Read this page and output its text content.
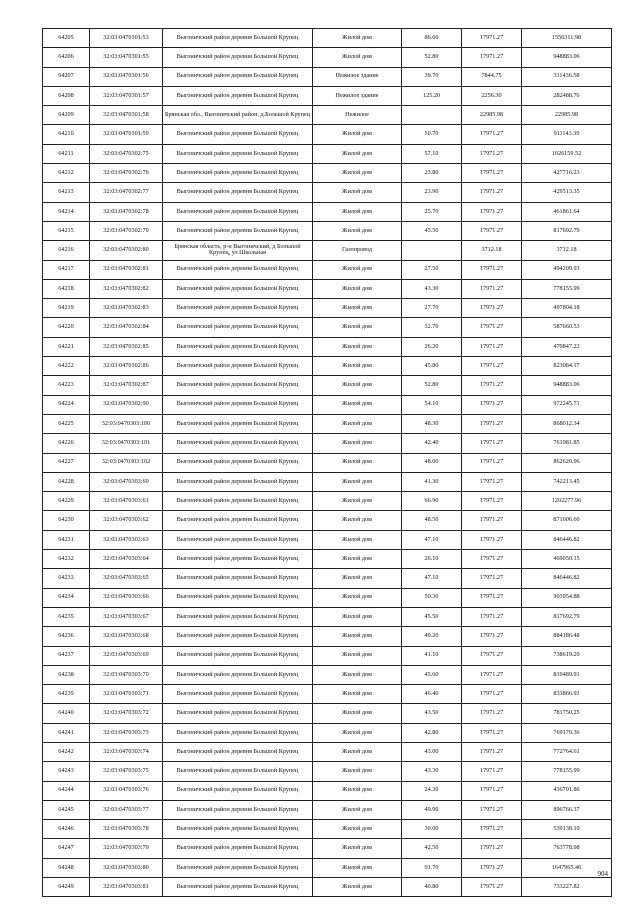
64205	32:03:0470301:53	Выгоничский район деревня Большой Крупец	Жилой дом	86.60	17971.27	1556311.98
64206	32:03:0470301:55	Выгоничский район деревня Большой Крупец	Жилой дом	52.80	17971.27	948883.06
64207	32:03:0470301:56	Выгоничский район деревня Большой Крупец	Нежилое здание	39.70	7844.75	311436.58
64208	32:03:0470301:57	Выгоничский район деревня Большой Крупец	Нежилое здание	125.20	2256.30	282488.76
64209	32:03:0470301:58	Брянская обл., Выгоничский район, д.Большой Крупец	Нежилое		22985.98	22985.98
64210	32:03:0470301:59	Выгоничский район деревня Большой Крупец	Жилой дом	50.70	17971.27	911143.39
64211	32:03:0470302:75	Выгоничский район деревня Большой Крупец	Жилой дом	57.10	17971.27	1026159.52
64212	32:03:0470302:76	Выгоничский район деревня Большой Крупец	Жилой дом	23.80	17971.27	427716.23
64213	32:03:0470302:77	Выгоничский район деревня Большой Крупец	Жилой дом	23.90	17971.27	429513.35
64214	32:03:0470302:78	Выгоничский район деревня Большой Крупец	Жилой дом	25.70	17971.27	461861.64
64215	32:03:0470302:79	Выгоничский район деревня Большой Крупец	Жилой дом	45.50	17971.27	817692.79
64216	32:03:0470302:80	Брянская область, р-н Выгоничский, д Большой Крупец, ул Школьная	Газопровод		3712.18	3712.18
64217	32:03:0470302:81	Выгоничский район деревня Большой Крупец	Жилой дом	27.50	17971.27	494209.93
64218	32:03:0470302:82	Выгоничский район деревня Большой Крупец	Жилой дом	43.30	17971.27	778155.99
64219	32:03:0470302:83	Выгоничский район деревня Большой Крупец	Жилой дом	27.70	17971.27	497804.18
64220	32:03:0470302:84	Выгоничский район деревня Большой Крупец	Жилой дом	32.70	17971.27	587660.53
64221	32:03:0470302:85	Выгоничский район деревня Большой Крупец	Жилой дом	26.20	17971.27	470847.22
64222	32:03:0470302:86	Выгоничский район деревня Большой Крупец	Жилой дом	45.80	17971.27	823084.17
64223	32:03:0470302:87	Выгоничский район деревня Большой Крупец	Жилой дом	52.80	17971.27	948883.06
64224	32:03:0470302:90	Выгоничский район деревня Большой Крупец	Жилой дом	54.10	17971.27	972245.71
64225	32:03:0470303:100	Выгоничский район деревня Большой Крупец	Жилой дом	48.30	17971.27	868012.34
64226	32:03:0470303:101	Выгоничский район деревня Большой Крупец	Жилой дом	42.40	17971.27	761981.85
64227	32:03:0470303:102	Выгоничский район деревня Большой Крупец	Жилой дом	48.00	17971.27	862620.96
64228	32:03:0470303:60	Выгоничский район деревня Большой Крупец	Жилой дом	41.30	17971.27	742213.45
64229	32:03:0470303:61	Выгоничский район деревня Большой Крупец	Жилой дом	66.90	17971.27	1202277.96
64230	32:03:0470303:62	Выгоничский район деревня Большой Крупец	Жилой дом	48.50	17971.27	871606.60
64231	32:03:0470303:63	Выгоничский район деревня Большой Крупец	Жилой дом	47.10	17971.27	846446.82
64232	32:03:0470303:64	Выгоничский район деревня Большой Крупец	Жилой дом	26.10	17971.27	469050.15
64233	32:03:0470303:65	Выгоничский район деревня Большой Крупец	Жилой дом	47.10	17971.27	846446.82
64234	32:03:0470303:66	Выгоничский район деревня Большой Крупец	Жилой дом	50.30	17971.27	903954.88
64235	32:03:0470303:67	Выгоничский район деревня Большой Крупец	Жилой дом	45.50	17971.27	817692.79
64236	32:03:0470303:68	Выгоничский район деревня Большой Крупец	Жилой дом	49.20	17971.27	884186.48
64237	32:03:0470303:69	Выгоничский район деревня Большой Крупец	Жилой дом	41.10	17971.27	738619.20
64238	32:03:0470303:70	Выгоничский район деревня Большой Крупец	Жилой дом	45.60	17971.27	819489.91
64239	32:03:0470303:71	Выгоничский район деревня Большой Крупец	Жилой дом	46.40	17971.27	833866.93
64240	32:03:0470303:72	Выгоничский район деревня Большой Крупец	Жилой дом	43.50	17971.27	781750.25
64241	32:03:0470303:73	Выгоничский район деревня Большой Крупец	Жилой дом	42.80	17971.27	769170.36
64242	32:03:0470303:74	Выгоничский район деревня Большой Крупец	Жилой дом	43.00	17971.27	772764.61
64243	32:03:0470303:75	Выгоничский район деревня Большой Крупец	Жилой дом	43.30	17971.27	778155.99
64244	32:03:0470303:76	Выгоничский район деревня Большой Крупец	Жилой дом	24.30	17971.27	436701.86
64245	32:03:0470303:77	Выгоничский район деревня Большой Крупец	Жилой дом	49.90	17971.27	896766.37
64246	32:03:0470303:78	Выгоничский район деревня Большой Крупец	Жилой дом	30.00	17971.27	539138.10
64247	32:03:0470303:79	Выгоничский район деревня Большой Крупец	Жилой дом	42.50	17971.27	763778.98
64248	32:03:0470303:80	Выгоничский район деревня Большой Крупец	Жилой дом	91.70	17971.27	1647965.46
64249	32:03:0470303:81	Выгоничский район деревня Большой Крупец	Жилой дом	40.80	17971.27	733227.82
904
